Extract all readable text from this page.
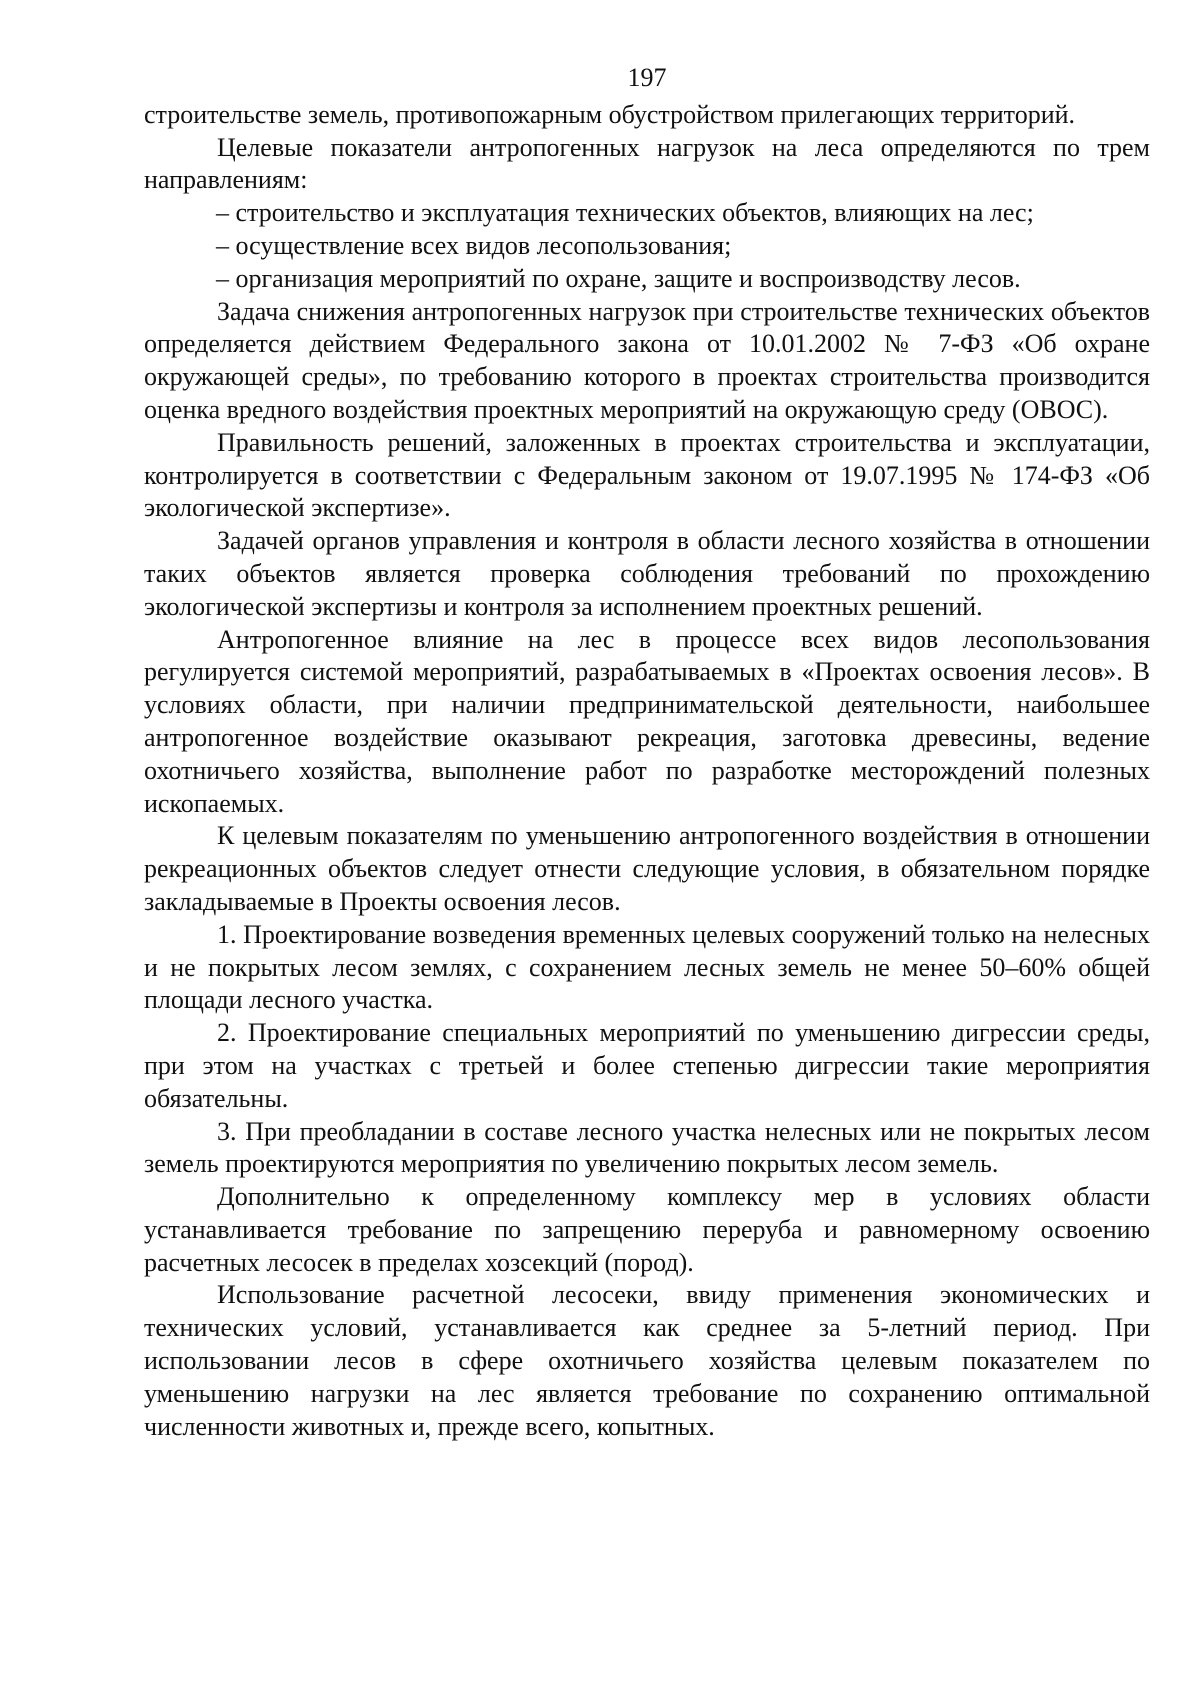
197

строительстве земель, противопожарным обустройством прилегающих территорий.

Целевые показатели антропогенных нагрузок на леса определяются по трем направлениям:

– строительство и эксплуатация технических объектов, влияющих на лес;

– осуществление всех видов лесопользования;

– организация мероприятий по охране, защите и воспроизводству лесов.

Задача снижения антропогенных нагрузок при строительстве технических объектов определяется действием Федерального закона от 10.01.2002 № 7-ФЗ «Об охране окружающей среды», по требованию которого в проектах строительства производится оценка вредного воздействия проектных мероприятий на окружающую среду (ОВОС).

Правильность решений, заложенных в проектах строительства и эксплуатации, контролируется в соответствии с Федеральным законом от 19.07.1995 № 174-ФЗ «Об экологической экспертизе».

Задачей органов управления и контроля в области лесного хозяйства в отношении таких объектов является проверка соблюдения требований по прохождению экологической экспертизы и контроля за исполнением проектных решений.

Антропогенное влияние на лес в процессе всех видов лесопользования регулируется системой мероприятий, разрабатываемых в «Проектах освоения лесов». В условиях области, при наличии предпринимательской деятельности, наибольшее антропогенное воздействие оказывают рекреация, заготовка древесины, ведение охотничьего хозяйства, выполнение работ по разработке месторождений полезных ископаемых.

К целевым показателям по уменьшению антропогенного воздействия в отношении рекреационных объектов следует отнести следующие условия, в обязательном порядке закладываемые в Проекты освоения лесов.

1. Проектирование возведения временных целевых сооружений только на нелесных и не покрытых лесом землях, с сохранением лесных земель не менее 50–60% общей площади лесного участка.

2. Проектирование специальных мероприятий по уменьшению дигрессии среды, при этом на участках с третьей и более степенью дигрессии такие мероприятия обязательны.

3. При преобладании в составе лесного участка нелесных или не покрытых лесом земель проектируются мероприятия по увеличению покрытых лесом земель.

Дополнительно к определенному комплексу мер в условиях области устанавливается требование по запрещению переруба и равномерному освоению расчетных лесосек в пределах хозсекций (пород).

Использование расчетной лесосеки, ввиду применения экономических и технических условий, устанавливается как среднее за 5-летний период. При использовании лесов в сфере охотничьего хозяйства целевым показателем по уменьшению нагрузки на лес является требование по сохранению оптимальной численности животных и, прежде всего, копытных.
